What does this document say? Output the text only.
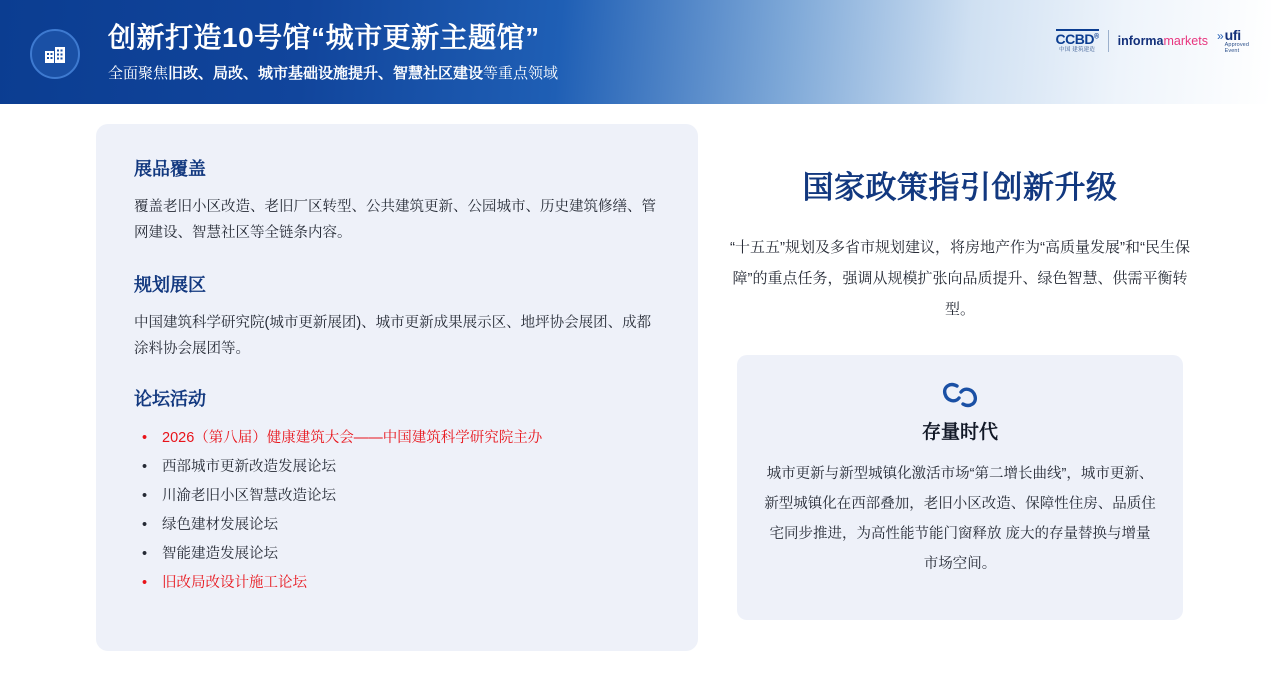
创新打造10号馆“城市更新主题馆”
全面聚焦旧改、局改、城市基础设施提升、智慧社区建设等重点领域
CCBD®
中国 建筑建造
informamarkets » ufi
Approved
Event
展品覆盖

覆盖老旧小区改造、老旧厂区转型、公共建筑更新、公园城市、历史建筑修缮、管网建设、智慧社区等全链条内容。

规划展区

中国建筑科学研究院(城市更新展团)、城市更新成果展示区、地坪协会展团、成都涂料协会展团等。

论坛活动
• 2026（第八届）健康建筑大会——中国建筑科学研究院主办
• 西部城市更新改造发展论坛
• 川渝老旧小区智慧改造论坛
• 绿色建材发展论坛
• 智能建造发展论坛
• 旧改局改设计施工论坛
国家政策指引创新升级

“十五五”规划及多省市规划建议，将房地产作为“高质量发展”和“民生保障”的重点任务，强调从规模扩张向品质提升、绿色智慧、供需平衡转型。

存量时代

城市更新与新型城镇化激活市场“第二增长曲线”，城市更新、新型城镇化在西部叠加，老旧小区改造、保障性住房、品质住宅同步推进，为高性能节能门窗释放 庞大的存量替换与增量市场空间。
